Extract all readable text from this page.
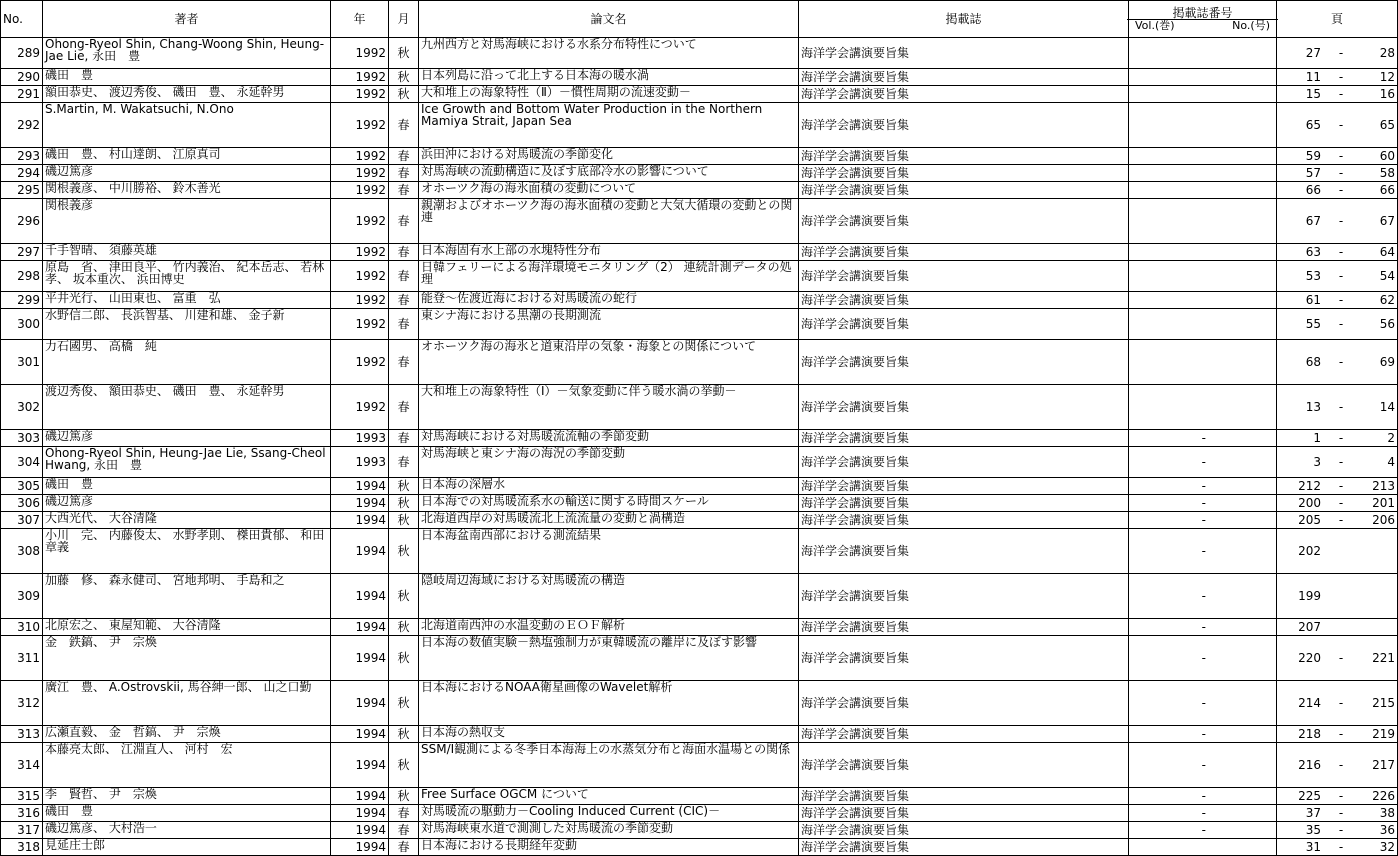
No.	著者	年	月	論文名	掲載誌	掲載誌番号
Vol.(巻) No.(号)	頁
289	Ohong-Ryeol Shin, Chang-Woong Shin, Heung-Jae Lie, 永田　豊	1992	秋	九州西方と対馬海峡における水系分布特性について	海洋学会講演要旨集		27 - 28

290	磯田　豊	1992	秋	日本列島に沿って北上する日本海の暖水渦	海洋学会講演要旨集		11 - 12

291	額田恭史、 渡辺秀俊、 磯田　豊、 永延幹男	1992	秋	大和堆上の海象特性（Ⅱ）－慣性周期の流速変動－	海洋学会講演要旨集		15 - 16

292	S.Martin, M. Wakatsuchi, N.Ono	1992	春	Ice Growth and Bottom Water Production in the Northern Mamiya Strait, Japan Sea	海洋学会講演要旨集		65 - 65

293	磯田　豊、 村山達朗、 江原真司	1992	春	浜田沖における対馬暖流の季節変化	海洋学会講演要旨集		59 - 60

294	磯辺篤彦	1992	春	対馬海峡の流動構造に及ぼす底部冷水の影響について	海洋学会講演要旨集		57 - 58

295	関根義彦、 中川勝裕、 鈴木善光	1992	春	オホーツク海の海氷面積の変動について	海洋学会講演要旨集		66 - 66

296	関根義彦	1992	春	親潮およびオホーツク海の海氷面積の変動と大気大循環の変動との関連	海洋学会講演要旨集		67 - 67

297	千手智晴、 須藤英雄	1992	春	日本海固有水上部の水塊特性分布	海洋学会講演要旨集		63 - 64

298	原島　省、 津田良平、 竹内義治、 紀本岳志、 若林　孝、 坂本重次、 浜田博史	1992	春	日韓フェリーによる海洋環境モニタリング（2） 連続計測データの処理	海洋学会講演要旨集		53 - 54

299	平井光行、 山田東也、 富重　弘	1992	春	能登～佐渡近海における対馬暖流の蛇行	海洋学会講演要旨集		61 - 62

300	水野信二郎、 長浜智基、 川建和雄、 金子新	1992	春	東シナ海における黒潮の長期測流	海洋学会講演要旨集		55 - 56

301	力石國男、 高橋　純	1992	春	オホーツク海の海氷と道東沿岸の気象・海象との関係について	海洋学会講演要旨集		68 - 69

302	渡辺秀俊、 額田恭史、 磯田　豊、 永延幹男	1992	春	大和堆上の海象特性（Ⅰ）－気象変動に伴う暖水渦の挙動－	海洋学会講演要旨集		13 - 14

303	磯辺篤彦	1993	春	対馬海峡における対馬暖流流軸の季節変動	海洋学会講演要旨集	-	1 - 2

304	Ohong-Ryeol Shin, Heung-Jae Lie, Ssang-Cheol Hwang, 永田　豊	1993	春	対馬海峡と東シナ海の海況の季節変動	海洋学会講演要旨集	-	3 - 4

305	磯田　豊	1994	秋	日本海の深層水	海洋学会講演要旨集	-	212 - 213

306	磯辺篤彦	1994	秋	日本海での対馬暖流系水の輸送に関する時間スケール	海洋学会講演要旨集	-	200 - 201

307	大西光代、 大谷清隆	1994	秋	北海道西岸の対馬暖流北上流流量の変動と渦構造	海洋学会講演要旨集	-	205 - 206

308	小川　完、 内藤俊太、 水野孝則、 榤田貴郁、 和田章義	1994	秋	日本海盆南西部における測流結果	海洋学会講演要旨集	-	202

309	加藤　修、 森永健司、 宮地邦明、 手島和之	1994	秋	隠岐周辺海域における対馬暖流の構造	海洋学会講演要旨集	-	199

310	北原宏之、 東屋知範、 大谷清隆	1994	秋	北海道南西沖の水温変動のＥＯＦ解析	海洋学会講演要旨集	-	207

311	金　鉄鎬、 尹　宗煥	1994	秋	日本海の数値実験－熱塩強制力が東韓暖流の離岸に及ぼす影響	海洋学会講演要旨集	-	220 - 221

312	廣江　豊、 A.Ostrovskii, 馬谷紳一郎、 山之口勤	1994	秋	日本海におけるNOAA衛星画像のWavelet解析	海洋学会講演要旨集	-	214 - 215

313	広瀬直毅、 金　哲鎬、 尹　宗煥	1994	秋	日本海の熱収支	海洋学会講演要旨集	-	218 - 219

314	本藤亮太郎、 江淵直人、 河村　宏	1994	秋	SSM/I観測による冬季日本海海上の水蒸気分布と海面水温場との関係	海洋学会講演要旨集	-	216 - 217

315	李　賢哲、 尹　宗煥	1994	秋	Free Surface OGCM について	海洋学会講演要旨集	-	225 - 226

316	磯田　豊	1994	春	対馬暖流の駆動力－Cooling Induced Current (CIC)－	海洋学会講演要旨集	-	37 - 38

317	磯辺篤彦、 大村浩一	1994	春	対馬海峡東水道で測測した対馬暖流の季節変動	海洋学会講演要旨集	-	35 - 36

318	見延庄士郎	1994	春	日本海における長期経年変動	海洋学会講演要旨集		31 - 32
